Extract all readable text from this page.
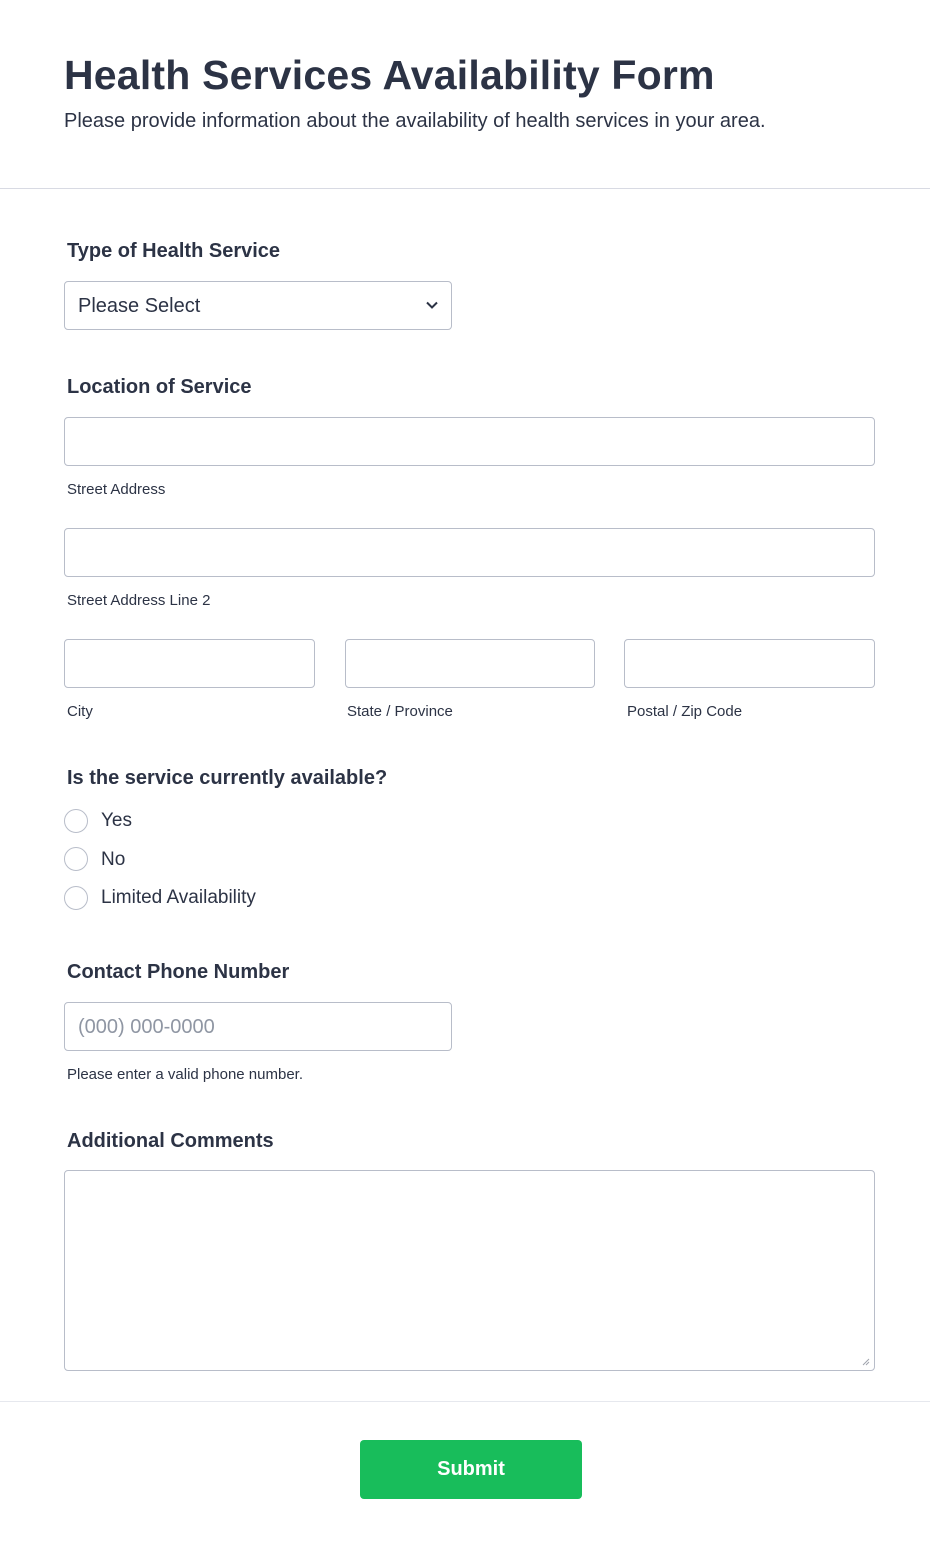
Health Services Availability Form
Please provide information about the availability of health services in your area.
Type of Health Service
Please Select
Location of Service
Street Address
Street Address Line 2
City	State / Province	Postal / Zip Code
Is the service currently available?
Yes
No
Limited Availability
Contact Phone Number
(000) 000-0000
Please enter a valid phone number.
Additional Comments
Submit
